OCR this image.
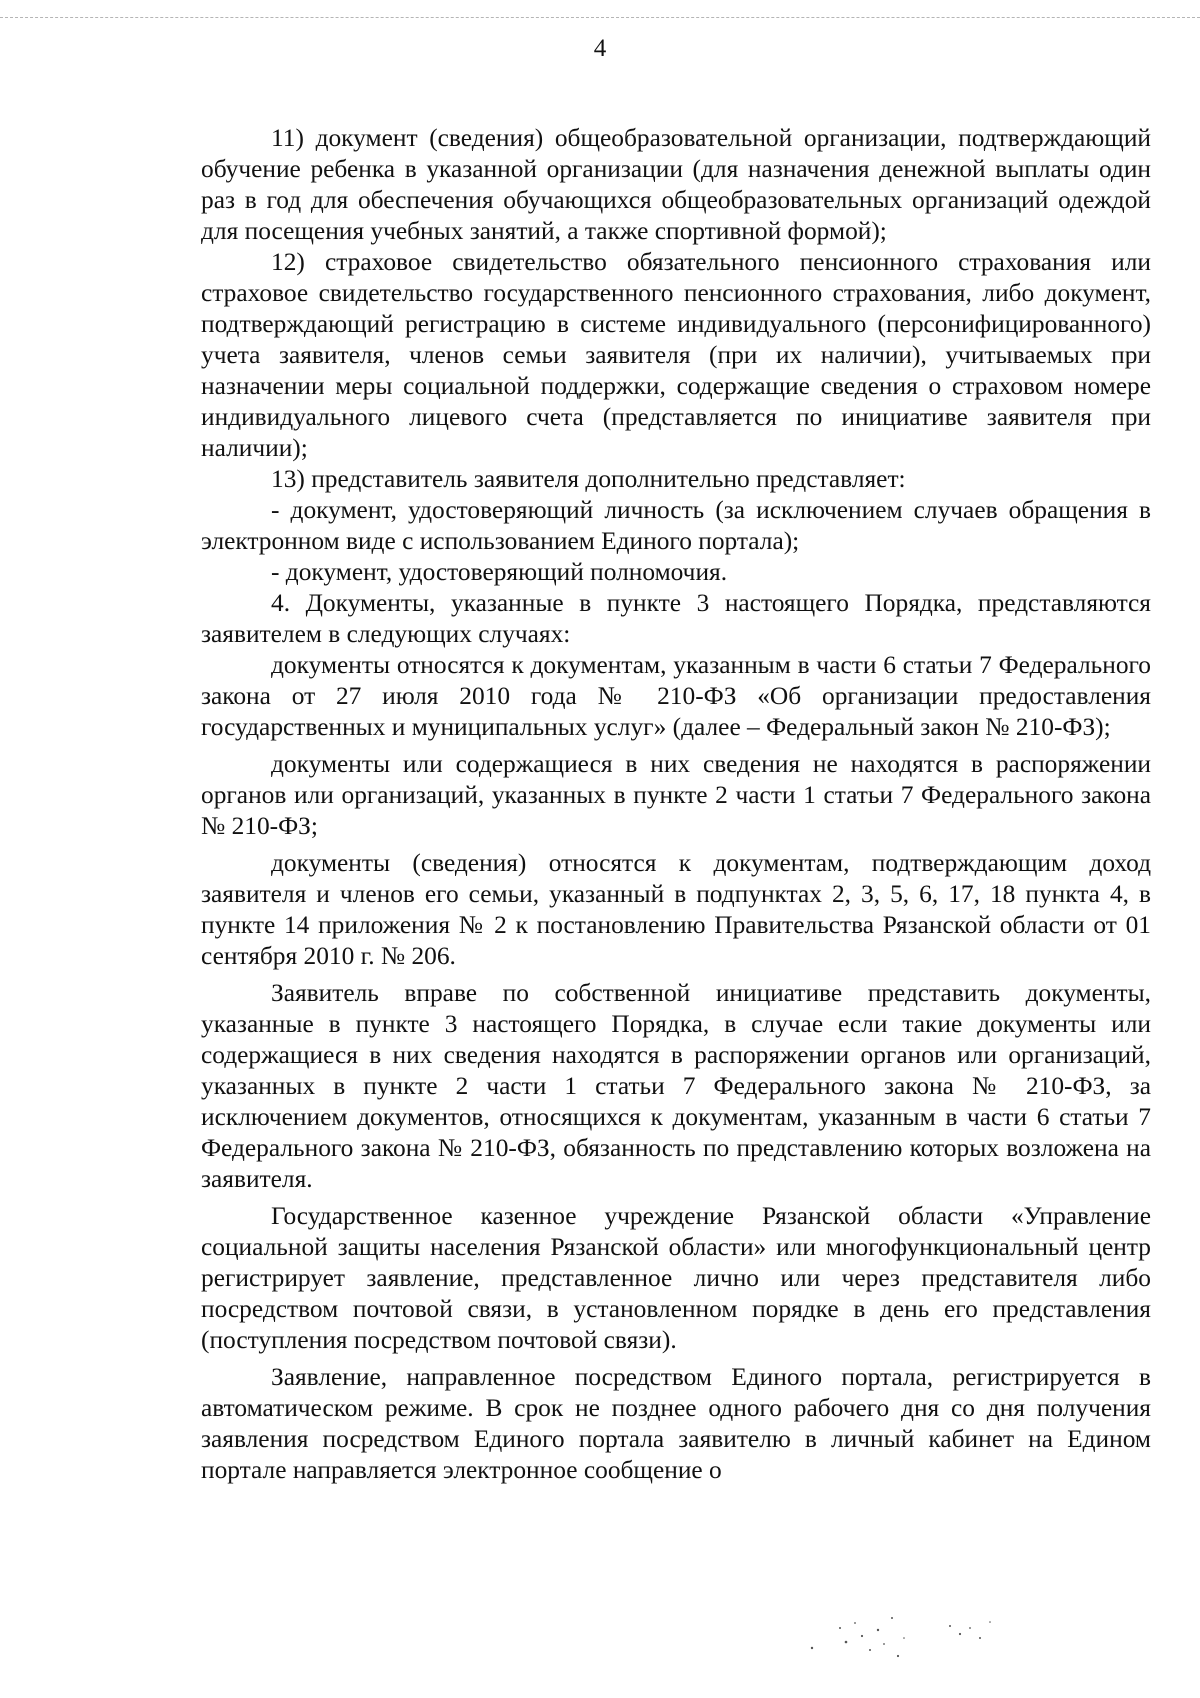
4

11) документ (сведения) общеобразовательной организации, подтверждающий обучение ребенка в указанной организации (для назначения денежной выплаты один раз в год для обеспечения обучающихся общеобразовательных организаций одеждой для посещения учебных занятий, а также спортивной формой);

12) страховое свидетельство обязательного пенсионного страхования или страховое свидетельство государственного пенсионного страхования, либо документ, подтверждающий регистрацию в системе индивидуального (персонифицированного) учета заявителя, членов семьи заявителя (при их наличии), учитываемых при назначении меры социальной поддержки, содержащие сведения о страховом номере индивидуального лицевого счета (представляется по инициативе заявителя при наличии);

13) представитель заявителя дополнительно представляет:

- документ, удостоверяющий личность (за исключением случаев обращения в электронном виде с использованием Единого портала);

- документ, удостоверяющий полномочия.

4. Документы, указанные в пункте 3 настоящего Порядка, представляются заявителем в следующих случаях:

документы относятся к документам, указанным в части 6 статьи 7 Федерального закона от 27 июля 2010 года № 210-ФЗ «Об организации предоставления государственных и муниципальных услуг» (далее – Федеральный закон № 210-ФЗ);

документы или содержащиеся в них сведения не находятся в распоряжении органов или организаций, указанных в пункте 2 части 1 статьи 7 Федерального закона № 210-ФЗ;

документы (сведения) относятся к документам, подтверждающим доход заявителя и членов его семьи, указанный в подпунктах 2, 3, 5, 6, 17, 18 пункта 4, в пункте 14 приложения № 2 к постановлению Правительства Рязанской области от 01 сентября 2010 г. № 206.

Заявитель вправе по собственной инициативе представить документы, указанные в пункте 3 настоящего Порядка, в случае если такие документы или содержащиеся в них сведения находятся в распоряжении органов или организаций, указанных в пункте 2 части 1 статьи 7 Федерального закона № 210-ФЗ, за исключением документов, относящихся к документам, указанным в части 6 статьи 7 Федерального закона № 210-ФЗ, обязанность по представлению которых возложена на заявителя.

Государственное казенное учреждение Рязанской области «Управление социальной защиты населения Рязанской области» или многофункциональный центр регистрирует заявление, представленное лично или через представителя либо посредством почтовой связи, в установленном порядке в день его представления (поступления посредством почтовой связи).

Заявление, направленное посредством Единого портала, регистрируется в автоматическом режиме. В срок не позднее одного рабочего дня со дня получения заявления посредством Единого портала заявителю в личный кабинет на Едином портале направляется электронное сообщение о
